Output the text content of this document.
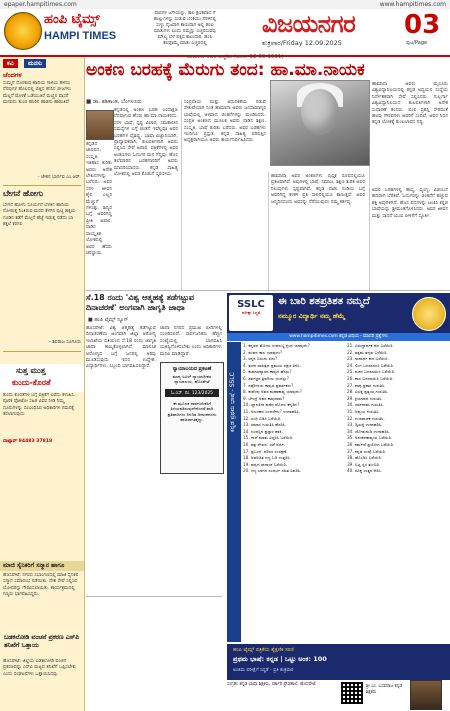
epaper.hampitimes.com	www.hampitimes.com
ಹಂಪಿ ಟೈಮ್ಸ್
HAMPI TIMES
ಪಾಪಗಳ ಜಗೇಯನ್ನು, ಕಾಲ ಕ್ಷಣಿಕವಾದ ಗೆ
ಹುಲ್ಲುಗಳನ್ನು ಸುಡುವ ಬೆಂಕಿಯು ನೆರಳಿನಲ್ಲಿ
ಸುಳ್ಳು ನೈಜವಾಗಿ ಕಾಣುವಾಗ ಅಲ್ಲಿ ಹಂಪಿ
ಮಾತುಗಳು ಬಂದು ನಮ್ಮನ್ನು ಎಚ್ಚರಿಸುವವು
ಮೌಲ್ಯ ಬೆಳೆ ಪಕ್ಕದ ಕಾಲುದಾರಿ, ಹಂಪಿ
ಕೆಲವೊಮ್ಮೆ ಮಾತು ಎಚ್ಚರದಲ್ಲಿ
ವಿಜಯನಗರ
ಶುಕ್ರವಾರ/Friday 12.09.2025
03
ಪುಟ/Page
ಕವಿ	ಮನಸು
ಚೆಂದಗಳ
ಸುಮ್ಮನೆ ದೊರಕುವ ಹಾದಿಯ ಗಾಳಿಯ ಹಳೆಯ ನೆನಪುಗಳ ಹೊಲದಲ್ಲಿ ಬಿತ್ತಿದ ಕನಸಿನ ಬೀಜಗಳು ಮೆಲ್ಲನೆ ಮೊಳಕೆ ಒಡೆಯುತಿರೆ ಮಣ್ಣಿನ ವಾಸನೆ ಮನವನು ತುಂಬಿ ಹಸಿರಿನ ಹಾಡನು ಹಾಡುತಿದೆ
- ಚೇತನ ಭಾರ್ಗವ ಎಂ.ಆರ್.
ಬೇಗನೆ ಹೋಗು
ಬೇಗನೆ ಹೋಗು ಸೂರ್ಯನೆ ಬೆಳಕಿನ ಹಾದಿಯ ನೋಡುತ್ತ ನಿಂತಿರುವ ಮರದ ಕೆಳಗಿನ ಪುಟ್ಟ ಹಕ್ಕಿಯ ಗೂಡಿನ ಕಡೆಗೆ ಮೆಲ್ಲನೆ ಹೆಜ್ಜೆ ಇಡುತ್ತ ನಡೆದು ಬಾ ಕತ್ತಲೆ ಕರಗಲಿ
- ಶಿವರಾಜ ಸೂಗೂರು
ಕುಂದು ಕೊರತೆಗಳ ಬಗ್ಗೆ ಪತ್ರಿಕೆಗೆ ಬರೆದು ಕಳುಹಿಸಿ. ಪೂರಕ ಫೋಟೋ ಸಹಿತ ವಿವರ ನೀಡಿ ನಿಮ್ಮ ದೂರುಗಳನ್ನು ಸಂಬಂಧಿಸಿದ ಅಧಿಕಾರಿಗಳ ಗಮನಕ್ಕೆ ತರಲಾಗುವುದು
ವಾಟ್ಸಾಪ್ 94483 37818
ಹೊಸಪೇಟೆ: ನಗರದ ಸಭಾಂಗಣದಲ್ಲಿ ಮಾಜಿ ಸೈನಿಕರ ಸನ್ಮಾನ ಸಮಾರಂಭ ನಡೆಯಿತು. ದೇಶ ಸೇವೆ ಸಲ್ಲಿಸಿದ ಯೋಧರನ್ನು ಗೌರವಿಸಲಾಯಿತು. ಕಾರ್ಯಕ್ರಮದಲ್ಲಿ ಗಣ್ಯರು ಭಾಗವಹಿಸಿದ್ದರು.
ಹೊಸಪೇಟೆ: ಜಿಲ್ಲೆಯ ಬಡಕಲೋಡಿ ವಂಚನೆ ಪ್ರಕರಣವನ್ನು ಎಸ್‌ಪಿ ಮಟ್ಟದ ತನಿಖೆಗೆ ಒಪ್ಪಿಸಬೇಕು ಎಂದು ಸಂಘಟನೆಗಳು ಒತ್ತಾಯಿಸಿದವು.
ಸುತ್ತ ಮುತ್ತ
ಕುಂದು-ಕೊರತೆ
ಮಾಜಿ ಸೈನಿಕರಿಗೆ ಸನ್ಮಾನ ಹಾಗೂ
ಬಡಕಲೋಡಿ ವಂಚನೆ ಪ್ರಕರಣ ಎಸ್‌ಪಿ ತನಿಖೆಗೆ ಒತ್ತಾಯ
ಹಾಮಾನಾ ಅವರ ಜನ್ಮದಿನ (ಜನನ: 12-09-1931)
ಅಂಕಣ ಬರಹಕ್ಕೆ ಮೆರುಗು ತಂದ: ಹಾ.ಮಾ.ನಾಯಕ
■ ಡಾ. ಶಶಿಕಾಂತ, ಬೆಂಗಳೂರು
ಕನ್ನಡದಲ್ಲಿ ಅಂಕಣ ಬರಹ ಎಂದಾಕ್ಷಣ ನೆನಪಾಗುವ ಹೆಸರು ಹಾ.ಮಾ.ನಾಯಕರದು. ಸರಳ ಭಾಷೆ, ಸ್ಪಷ್ಟ ವಿಚಾರ, ಸಮಕಾಲೀನ ಸಮಸ್ಯೆಗಳ ಬಗ್ಗೆ ಚಿಂತನೆ ಇವೆಲ್ಲವೂ ಅವರ ಬರಹಗಳ ವೈಶಿಷ್ಟ್ಯ. ಭಾಷಾ ವಿಜ್ಞಾನಿಯಾಗಿ, ಪ್ರಾಧ್ಯಾಪಕರಾಗಿ, ಕುಲಪತಿಗಳಾಗಿ ಅವರು ಸಲ್ಲಿಸಿದ ಸೇವೆ ಅಪಾರ. ಪತ್ರಿಕೆಗಳಲ್ಲಿ ಅವರ ಅಂಕಣಗಳು ಓದುಗರ ಮನ ಗೆದ್ದವು. ಹೊಸ ತಲೆಮಾರಿನ ಬರಹಗಾರರಿಗೆ ಅವರು ಮಾದರಿಯಾದರು. ಕನ್ನಡ ಸಾಹಿತ್ಯ ಲೋಕದಲ್ಲಿ ಅವರ ಕೊಡುಗೆ ಸ್ಮರಣೀಯ.
ಕನ್ನಡದ ಜಾನಪದ, ಸಂಸ್ಕೃತಿ, ಇತಿಹಾಸ ಕುರಿತು ಅವರು ಅನೇಕ ಲೇಖನಗಳನ್ನು ಬರೆದರು. ಅವರ ಸರಳ ಜೀವನ ಶೈಲಿ ಎಲ್ಲರ ಮೆಚ್ಚುಗೆ ಗಳಿಸಿತ್ತು. ಶಿಷ್ಯರ ಬಗ್ಗೆ ಅವರಿಗಿದ್ದ ಪ್ರೀತಿ ಅಪಾರ. ನಾಡಿನ ಸಾಂಸ್ಕೃತಿಕ ಲೋಕದಲ್ಲಿ ಅವರ ಹೆಸರು ಚಿರಸ್ಥಾಯಿ.
ಸಂಪ್ರದಾಯ ಮತ್ತು ಆಧುನಿಕತೆಯ ನಡುವೆ ಸೇತುವೆಯಾಗಿ ನಿಂತ ಹಾಮಾನಾ ಅವರು ಜನಸಾಮಾನ್ಯರ ಭಾಷೆಯಲ್ಲಿ ಆಳವಾದ ಚಿಂತನೆಗಳನ್ನು ಮಂಡಿಸಿದರು. ಸಂಪ್ರತಿ ಅಂಕಣದ ಮೂಲಕ ಅವರು ನಾಡಿನ ಶಿಕ್ಷಣ, ಸಂಸ್ಕೃತಿ, ಭಾಷೆ ಕುರಿತು ಬರೆದರು. ಅವರ ಬರಹಗಳು ಇಂದಿಗೂ ಪ್ರಸ್ತುತ. ಕನ್ನಡ ಸಾಹಿತ್ಯ ಪರಿಷತ್ತಿನ ಅಧ್ಯಕ್ಷರಾಗಿಯೂ ಅವರು ಕಾರ್ಯನಿರ್ವಹಿಸಿದರು.
ಹಾಮಾನಾ ಅವರ ಅಂಕಣಗಳು ಪುಸ್ತಕ ರೂಪದಲ್ಲಿಯೂ ಪ್ರಕಟವಾಗಿವೆ. ಅವುಗಳಲ್ಲಿ ಭಾಷೆ, ಸಮಾಜ, ಶಿಕ್ಷಣ ಕುರಿತ ಅವರ ನಿಲುವುಗಳು ಸ್ಪಷ್ಟವಾಗಿವೆ. ಕನ್ನಡ ನಾಡು ನುಡಿಯ ಬಗ್ಗೆ ಅವರಿಗಿದ್ದ ಕಳಕಳಿ ಪ್ರತಿ ಸಾಲಿನಲ್ಲಿಯೂ ಕಾಣುತ್ತದೆ. ಅವರ ಜನ್ಮದಿನದಂದು ಅವರನ್ನು ನೆನೆಯುವುದು ನಮ್ಮ ಕರ್ತವ್ಯ.
ಹಾಮಾನಾ ಅವರು ಮೈಸೂರು ವಿಶ್ವವಿದ್ಯಾನಿಲಯದಲ್ಲಿ ಕನ್ನಡ ಅಧ್ಯಯನ ಸಂಸ್ಥೆಯ ನಿರ್ದೇಶಕರಾಗಿ ಸೇವೆ ಸಲ್ಲಿಸಿದರು. ಗುಲ್ಬರ್ಗಾ ವಿಶ್ವವಿದ್ಯಾನಿಲಯದ ಕುಲಪತಿಗಳಾಗಿ ಅನೇಕ ಸುಧಾರಣೆ ತಂದರು. ಪಂಪ ಪ್ರಶಸ್ತಿ ಸೇರಿದಂತೆ ಹಲವು ಗೌರವಗಳು ಅವರಿಗೆ ಸಂದಿವೆ. ಅವರ ನಿಧನ ಕನ್ನಡ ಲೋಕಕ್ಕೆ ತುಂಬಲಾರದ ನಷ್ಟ.
ಅವರ ಬರಹಗಳಲ್ಲಿ ಹಾಸ್ಯ, ವ್ಯಂಗ್ಯ, ವಿಡಂಬನೆ ಹದವಾಗಿ ಬೆರೆತಿವೆ. ಓದುಗರನ್ನು ಚಿಂತನೆಗೆ ಹಚ್ಚುವ ಶಕ್ತಿ ಅವುಗಳಿಗಿದೆ. ಹೊಸ ಪದಗಳನ್ನು ಟಂಕಿಸಿ ಕನ್ನಡ ಭಾಷೆಯನ್ನು ಶ್ರೀಮಂತಗೊಳಿಸಿದರು. ಅವರ ಜೀವನ ಮತ್ತು ಸಾಧನೆ ಯುವ ಪೀಳಿಗೆಗೆ ಸ್ಫೂರ್ತಿ.
ಸೆ.18 ರಂದು 'ವಿಶ್ವ ಆತ್ಮಹತ್ಯೆ ತಡೆಗಟ್ಟುವ ದಿನಾಚರಣೆ' ಅಂಗವಾಗಿ ಜಾಗೃತಿ ಜಾಥಾ
■ ಹಂಪಿ ಟೈಮ್ಸ್ ನ್ಯೂಸ್
ಹೊಸಪೇಟೆ: ವಿಶ್ವ ಆತ್ಮಹತ್ಯೆ ತಡೆಗಟ್ಟುವ ದಿನಾಚರಣೆಯ ಅಂಗವಾಗಿ ಜಿಲ್ಲಾ ಆರೋಗ್ಯ ಇಲಾಖೆಯ ವತಿಯಿಂದ ಸೆ.18 ರಂದು ಜಾಗೃತಿ ಜಾಥಾ ಹಮ್ಮಿಕೊಳ್ಳಲಾಗಿದೆ. ಮಾನಸಿಕ ಆರೋಗ್ಯದ ಬಗ್ಗೆ ಜನರಲ್ಲಿ ಅರಿವು ಮೂಡಿಸುವುದು ಇದರ ಉದ್ದೇಶ. ವಿದ್ಯಾರ್ಥಿಗಳು, ಸಿಬ್ಬಂದಿ ಭಾಗವಹಿಸಲಿದ್ದಾರೆ.
ಜಾಥಾ ನಗರದ ಪ್ರಮುಖ ಬೀದಿಗಳಲ್ಲಿ ಸಂಚರಿಸಲಿದೆ. ಸಾರ್ವಜನಿಕರು ಹೆಚ್ಚಿನ ಸಂಖ್ಯೆಯಲ್ಲಿ ಭಾಗವಹಿಸಿ ಯಶಸ್ವಿಗೊಳಿಸಬೇಕು ಎಂದು ಅಧಿಕಾರಿಗಳು ಮನವಿ ಮಾಡಿದ್ದಾರೆ.
ನ್ಯಾಯಾಲಯದ ಪ್ರಕಟಣೆ
ಮಾನ್ಯ ಸಿವಿಲ್ ನ್ಯಾಯಾಧೀಶರ ನ್ಯಾಯಾಲಯ, ಹೊಸಪೇಟೆ
ಓ.ಎಸ್. ನಂ. 123/2025
ಈ ಮೂಲಕ ಸಾರ್ವಜನಿಕರಿಗೆ ತಿಳಿಯಪಡಿಸುವುದೇನೆಂದರೆ ವಾದಿ ಪ್ರತಿವಾದಿಗಳು ನಿಗದಿತ ದಿನಾಂಕದಂದು ಹಾಜರಾಗತಕ್ಕದ್ದು.
SSLC
ಪರೀಕ್ಷಾ ಸಿದ್ಧತೆ
ಈ ಬಾರಿ ಶತಪ್ರತಿಶತ ನಮ್ಮದೆ
ನಮ್ಮೂರ ವಿದ್ಯಾರ್ಥಿ ನಮ್ಮ ಹೆಮ್ಮೆ
www.hampitimes.com ಕನ್ನಡ ವಿಷಯ - ಮಾದರಿ ಪ್ರಶ್ನೆಗಳು
ಕನ್ನಡ ಪ್ರಥಮ ಭಾಷೆ - SSLC
1. ಕನ್ನಡದ ಮೊದಲ ಉಪಲಬ್ಧ ಗ್ರಂಥ ಯಾವುದು?
2. ಪಂಪನ ಕಾಲ ಯಾವುದು?
3. ರನ್ನನ ಬಿರುದು ಏನು?
4. ವಚನ ಸಾಹಿತ್ಯದ ಪ್ರಮುಖ ಲಕ್ಷಣ ತಿಳಿಸಿ.
5. ಕುಮಾರವ್ಯಾಸನ ಕಾವ್ಯದ ಹೆಸರು?
6. ಸರ್ವಜ್ಞನ ತ್ರಿಪದಿಯ ಛಂದಸ್ಸು?
7. ನವೋದಯ ಕಾವ್ಯದ ಪ್ರವರ್ತಕರು?
8. ಕುವೆಂಪು ಅವರ ಮಹಾಕಾವ್ಯ ಯಾವುದು?
9. ಬೇಂದ್ರೆ ಅವರ ಕಾವ್ಯನಾಮ?
10. ಜ್ಞಾನಪೀಠ ಪಡೆದ ಮೊದಲ ಕನ್ನಡಿಗ?
11. ಅಲಂಕಾರ ಎಂದರೇನು? ಉದಾಹರಿಸಿ.
12. ಸಂಧಿ ಬಿಡಿಸಿ ಬರೆಯಿರಿ.
13. ಸಮಾಸ ಗುರುತಿಸಿ ಹೆಸರಿಸಿ.
14. ಛಂದಸ್ಸಿನ ಪ್ರಸ್ತಾರ ಹಾಕಿ.
15. ಗಾದೆ ಮಾತು ವಿಸ್ತರಿಸಿ ಬರೆಯಿರಿ.
16. ಪತ್ರ ಲೇಖನ: ರಜೆ ಅರ್ಜಿ.
17. ಪ್ರಬಂಧ: ಪರಿಸರ ಸಂರಕ್ಷಣೆ.
18. ಅಪರಿಚಿತ ಗದ್ಯ ಓದಿ ಉತ್ತರಿಸಿ.
19. ಪದ್ಯದ ಸಾರಾಂಶ ಬರೆಯಿರಿ.
20. ಗದ್ಯ ಭಾಗದ ಸಂದರ್ಭ ಸಹಿತ ವಿವರಿಸಿ.
21. ವಿರುದ್ಧಾರ್ಥಕ ಪದ ಬರೆಯಿರಿ.
22. ತತ್ಸಮ ತದ್ಭವ ಬರೆಯಿರಿ.
23. ನಾನಾರ್ಥ ಪದ ಬರೆಯಿರಿ.
24. ಲಿಂಗ ಬದಲಾಯಿಸಿ ಬರೆಯಿರಿ.
25. ವಚನ ಬದಲಾಯಿಸಿ ಬರೆಯಿರಿ.
26. ಕಾಲ ಬದಲಾಯಿಸಿ ಬರೆಯಿರಿ.
27. ವಾಕ್ಯ ಪ್ರಕಾರ ಗುರುತಿಸಿ.
28. ವಿಭಕ್ತಿ ಪ್ರತ್ಯಯ ಗುರುತಿಸಿ.
29. ಕ್ರಿಯಾಪದ ಗುರುತಿಸಿ.
30. ಸರ್ವನಾಮ ಗುರುತಿಸಿ.
31. ಅವ್ಯಯ ಗುರುತಿಸಿ.
32. ಗುಣವಾಚಕ ಗುರುತಿಸಿ.
33. ದ್ವಿರುಕ್ತಿ ಉದಾಹರಿಸಿ.
34. ಜೋಡುನುಡಿ ಉದಾಹರಿಸಿ.
35. ಅನುಕರಣಾವ್ಯಯ ಬರೆಯಿರಿ.
36. ಕರ್ಮಣಿ ಪ್ರಯೋಗ ಬರೆಯಿರಿ.
37. ಕನ್ನಡ ಸಂಖ್ಯೆ ಬರೆಯಿರಿ.
38. ಹೊಂದಿಸಿ ಬರೆಯಿರಿ.
39. ಬಿಟ್ಟ ಸ್ಥಳ ತುಂಬಿರಿ.
40. ಸೂಕ್ತ ಉತ್ತರ ಆರಿಸಿ.
ಹಂಪಿ ಟೈಮ್ಸ್ ಪತ್ರಿಕೆಯ ಶೈಕ್ಷಣಿಕ ಸರಣಿ
ಪ್ರಥಮ ಭಾಷೆ: ಕನ್ನಡ | ಒಟ್ಟು ಅಂಕ: 100
ಅಂತಿಮ ಪರೀಕ್ಷೆಗೆ ಸಿದ್ಧತೆ - ಪ್ರತಿ ಶುಕ್ರವಾರ
ಸಂಗ್ರಹ: ಕನ್ನಡ ಭಾಷಾ ಶಿಕ್ಷಕರು, ಸರ್ಕಾರಿ ಪ್ರೌಢಶಾಲೆ, ಹೊಸಪೇಟೆ	ಶ್ರೀ ಎಂ. ಬಸವರಾಜ ಕನ್ನಡ ಶಿಕ್ಷಕರು
